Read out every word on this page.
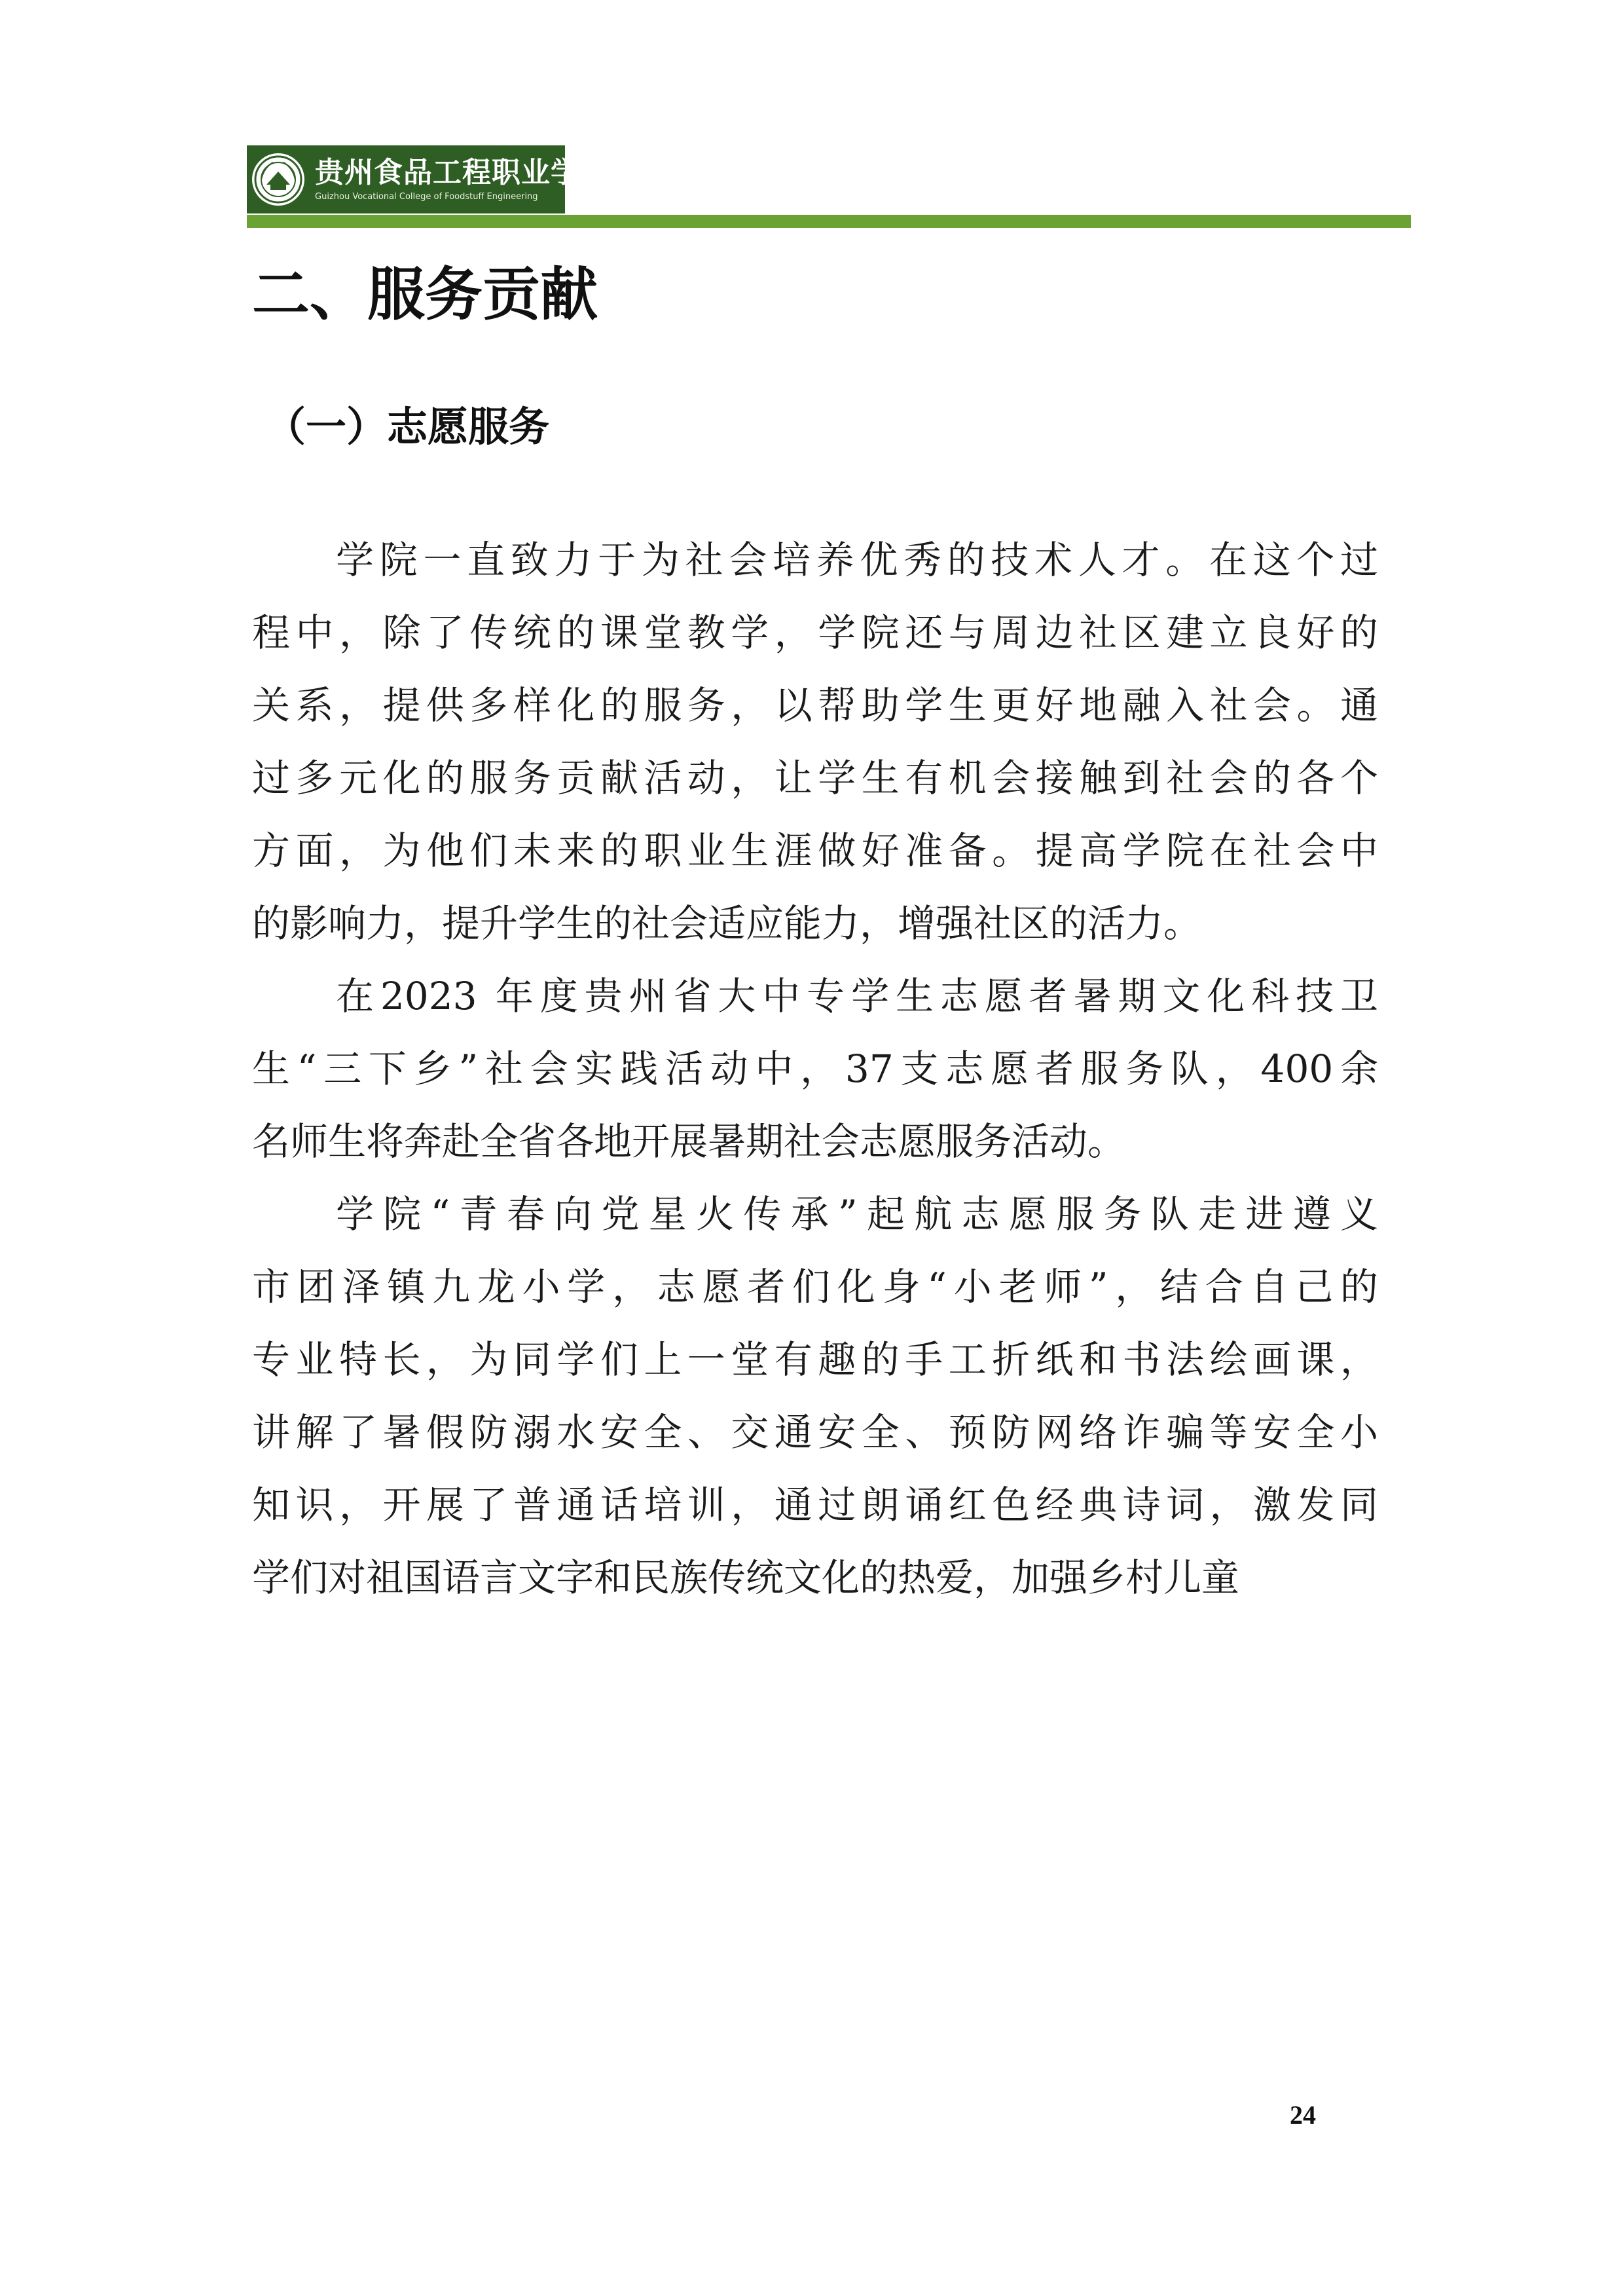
贵州食品工程职业学院
Guizhou Vocational College of Foodstuff Engineering
二、服务贡献
（一）志愿服务
学院一直致力于为社会培养优秀的技术人才。在这个过
程中，除了传统的课堂教学，学院还与周边社区建立良好的
关系，提供多样化的服务，以帮助学生更好地融入社会。通
过多元化的服务贡献活动，让学生有机会接触到社会的各个
方面，为他们未来的职业生涯做好准备。提高学院在社会中
的影响力，提升学生的社会适应能力，增强社区的活力。
在2023 年度贵州省大中专学生志愿者暑期文化科技卫
生“三下乡”社会实践活动中，37支志愿者服务队，400余
名师生将奔赴全省各地开展暑期社会志愿服务活动。
学院“青春向党星火传承”起航志愿服务队走进遵义
市团泽镇九龙小学，志愿者们化身“小老师”，结合自己的
专业特长，为同学们上一堂有趣的手工折纸和书法绘画课，
讲解了暑假防溺水安全、交通安全、预防网络诈骗等安全小
知识，开展了普通话培训，通过朗诵红色经典诗词，激发同
学们对祖国语言文字和民族传统文化的热爱，加强乡村儿童
24
